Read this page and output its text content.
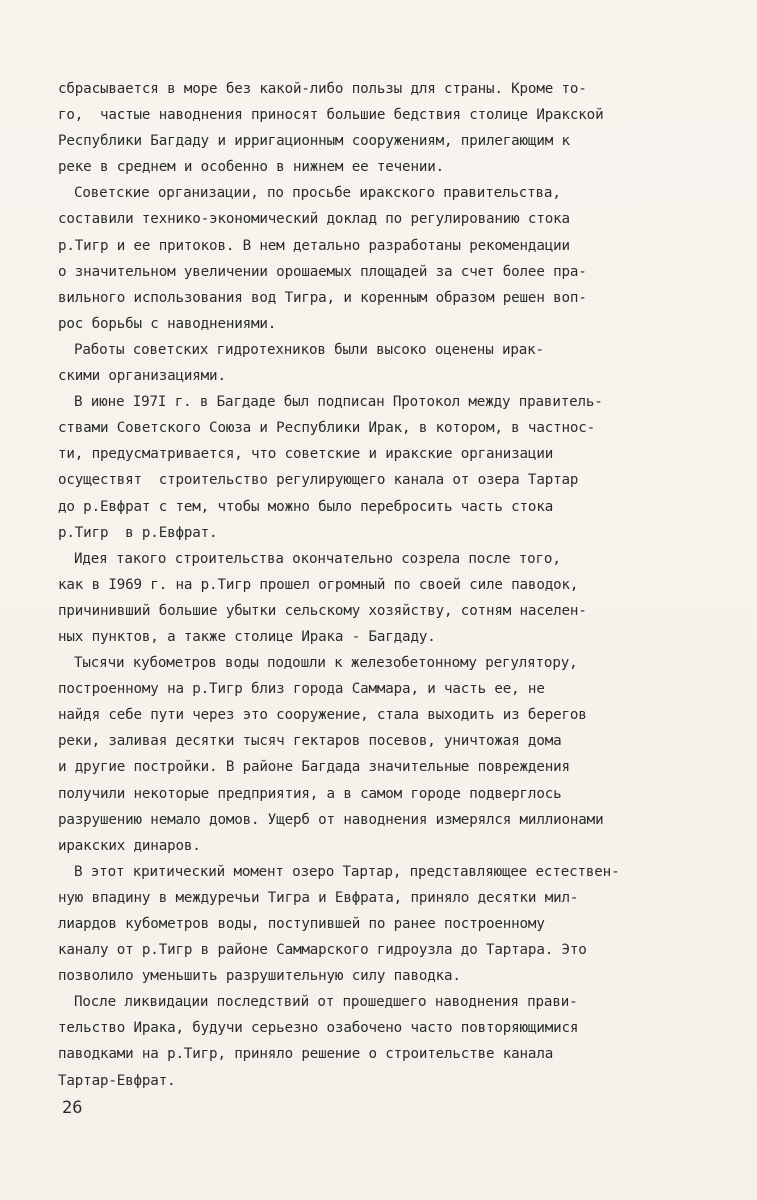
сбрасывается в море без какой-либо пользы для страны. Кроме то-
го,  частые наводнения приносят большие бедствия столице Иракской
Республики Багдаду и ирригационным сооружениям, прилегающим к
реке в среднем и особенно в нижнем ее течении.
Советские организации, по просьбе иракского правительства,
составили технико-экономический доклад по регулированию стока
р.Тигр и ее притоков. В нем детально разработаны рекомендации
о значительном увеличении орошаемых площадей за счет более пра-
вильного использования вод Тигра, и коренным образом решен воп-
рос борьбы с наводнениями.
Работы советских гидротехников были высоко оценены ирак-
скими организациями.
В июне I97I г. в Багдаде был подписан Протокол между правитель-
ствами Советского Союза и Республики Ирак, в котором, в частнос-
ти, предусматривается, что советские и иракские организации
осуществят  строительство регулирующего канала от озера Тартар
до р.Евфрат с тем, чтобы можно было перебросить часть стока
р.Тигр  в р.Евфрат.
Идея такого строительства окончательно созрела после того,
как в I969 г. на р.Тигр прошел огромный по своей силе паводок,
причинивший большие убытки сельскому хозяйству, сотням населен-
ных пунктов, а также столице Ирака - Багдаду.
Тысячи кубометров воды подошли к железобетонному регулятору,
построенному на р.Тигр близ города Саммара, и часть ее, не
найдя себе пути через это сооружение, стала выходить из берегов
реки, заливая десятки тысяч гектаров посевов, уничтожая дома
и другие постройки. В районе Багдада значительные повреждения
получили некоторые предприятия, а в самом городе подверглось
разрушению немало домов. Ущерб от наводнения измерялся миллионами
иракских динаров.
В этот критический момент озеро Тартар, представляющее естествен-
ную впадину в междуречьи Тигра и Евфрата, приняло десятки мил-
лиардов кубометров воды, поступившей по ранее построенному
каналу от р.Тигр в районе Саммарского гидроузла до Тартара. Это
позволило уменьшить разрушительную силу паводка.
После ликвидации последствий от прошедшего наводнения прави-
тельство Ирака, будучи серьезно озабочено часто повторяющимися
паводками на р.Тигр, приняло решение о строительстве канала
Тартар-Евфрат.
26
